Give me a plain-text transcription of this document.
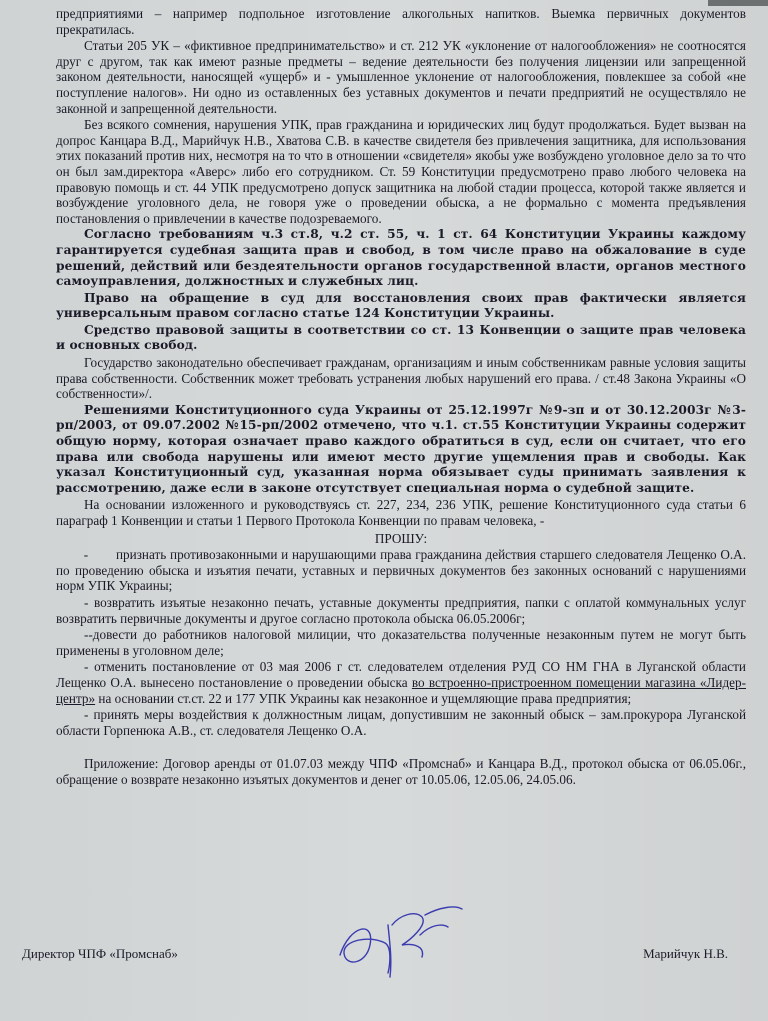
предприятиями – например подпольное изготовление алкогольных напитков. Выемка первичных документов прекратилась.

Статьи 205 УК – «фиктивное предпринимательство» и ст. 212 УК «уклонение от налогообложения» не соотносятся друг с другом, так как имеют разные предметы – ведение деятельности без получения лицензии или запрещенной законом деятельности, наносящей «ущерб» и - умышленное уклонение от налогообложения, повлекшее за собой «не поступление налогов». Ни одно из оставленных без уставных документов и печати предприятий не осуществляло не законной и запрещенной деятельности.

Без всякого сомнения, нарушения УПК, прав гражданина и юридических лиц будут продолжаться. Будет вызван на допрос Канцара В.Д., Марийчук Н.В., Хватова С.В. в качестве свидетеля без привлечения защитника, для использования этих показаний против них, несмотря на то что в отношении «свидетеля» якобы уже возбуждено уголовное дело за то что он был зам.директора «Аверс» либо его сотрудником. Ст. 59 Конституции предусмотрено право любого человека на правовую помощь и ст. 44 УПК предусмотрено допуск защитника на любой стадии процесса, которой также является и возбуждение уголовного дела, не говоря уже о проведении обыска, а не формально с момента предъявления постановления о привлечении в качестве подозреваемого.

Согласно требованиям ч.3 ст.8, ч.2 ст. 55, ч. 1 ст. 64 Конституции Украины каждому гарантируется судебная защита прав и свобод, в том числе право на обжалование в суде решений, действий или бездеятельности органов государственной власти, органов местного самоуправления, должностных и служебных лиц.

Право на обращение в суд для восстановления своих прав фактически является универсальным правом согласно статье 124 Конституции Украины.

Средство правовой защиты в соответствии со ст. 13 Конвенции о защите прав человека и основных свобод.

Государство законодательно обеспечивает гражданам, организациям и иным собственникам равные условия защиты права собственности. Собственник может требовать устранения любых нарушений его права. / ст.48 Закона Украины «О собственности»/.

Решениями Конституционного суда Украины от 25.12.1997г №9-зп и от 30.12.2003г №3-рп/2003, от 09.07.2002 №15-рп/2002 отмечено, что ч.1. ст.55 Конституции Украины содержит общую норму, которая означает право каждого обратиться в суд, если он считает, что его права или свобода нарушены или имеют место другие ущемления прав и свободы. Как указал Конституционный суд, указанная норма обязывает суды принимать заявления к рассмотрению, даже если в законе отсутствует специальная норма о судебной защите.

На основании изложенного и руководствуясь ст. 227, 234, 236 УПК, решение Конституционного суда статьи 6 параграф 1 Конвенции и статьи 1 Первого Протокола Конвенции по правам человека, -

ПРОШУ:

- признать противозаконными и нарушающими права гражданина действия старшего следователя Лещенко О.А. по проведению обыска и изъятия печати, уставных и первичных документов без законных оснований с нарушениями норм УПК Украины;

- возвратить изъятые незаконно печать, уставные документы предприятия, папки с оплатой коммунальных услуг возвратить первичные документы и другое согласно протокола обыска 06.05.2006г;

--довести до работников налоговой милиции, что доказательства полученные незаконным путем не могут быть применены в уголовном деле;

- отменить постановление от 03 мая 2006 г ст. следователем отделения РУД СО НМ ГНА в Луганской области Лещенко О.А. вынесено постановление о проведении обыска во встроенно-пристроенном помещении магазина «Лидер-центр» на основании ст.ст. 22 и 177 УПК Украины как незаконное и ущемляющие права предприятия;

- принять меры воздействия к должностным лицам, допустившим не законный обыск – зам.прокурора Луганской области Горпенюка А.В., ст. следователя Лещенко О.А.

Приложение: Договор аренды от 01.07.03 между ЧПФ «Промснаб» и Канцара В.Д., протокол обыска от 06.05.06г., обращение о возврате незаконно изъятых документов и денег от 10.05.06, 12.05.06, 24.05.06.

Директор ЧПФ «Промснаб»	Марийчук Н.В.
